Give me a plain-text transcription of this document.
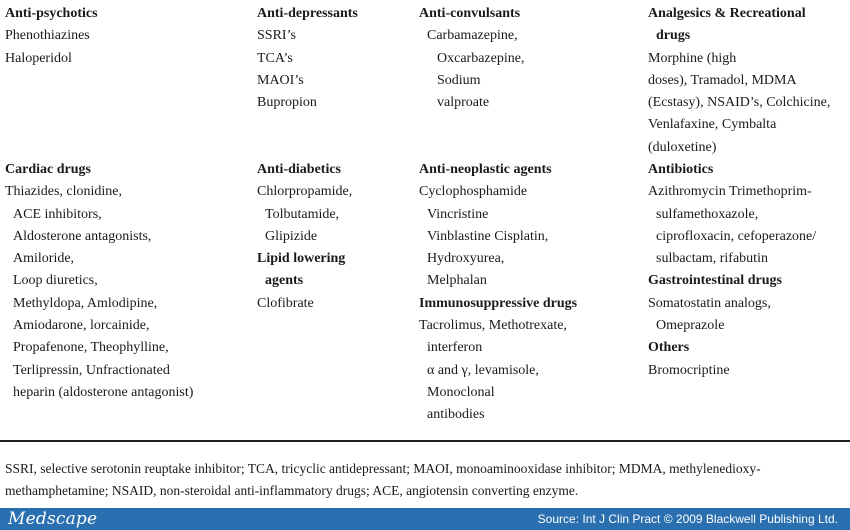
Anti-psychotics
Phenothiazines
Haloperidol
Anti-depressants
SSRI’s
TCA’s
MAOI’s
Bupropion
Anti-convulsants
Carbamazepine,
Oxcarbazepine,
Sodium
valproate
Analgesics & Recreational
drugs
Morphine (high
doses), Tramadol, MDMA
(Ecstasy), NSAID’s, Colchicine,
Venlafaxine, Cymbalta
(duloxetine)
Cardiac drugs
Thiazides, clonidine,
ACE inhibitors,
Aldosterone antagonists,
Amiloride,
Loop diuretics,
Methyldopa, Amlodipine,
Amiodarone, lorcainide,
Propafenone, Theophylline,
Terlipressin, Unfractionated
heparin (aldosterone antagonist)
Anti-diabetics
Chlorpropamide,
Tolbutamide,
Glipizide
Lipid lowering
agents
Clofibrate
Anti-neoplastic agents
Cyclophosphamide
Vincristine
Vinblastine Cisplatin,
Hydroxyurea,
Melphalan
Immunosuppressive drugs
Tacrolimus, Methotrexate,
interferon
α and γ, levamisole,
Monoclonal
antibodies
Antibiotics
Azithromycin Trimethoprim-
sulfamethoxazole,
ciprofloxacin, cefoperazone/
sulbactam, rifabutin
Gastrointestinal drugs
Somatostatin analogs,
Omeprazole
Others
Bromocriptine
SSRI, selective serotonin reuptake inhibitor; TCA, tricyclic antidepressant; MAOI, monoaminooxidase inhibitor; MDMA, methylenedioxy-
methamphetamine; NSAID, non-steroidal anti-inflammatory drugs; ACE, angiotensin converting enzyme.
Medscape	Source: Int J Clin Pract © 2009 Blackwell Publishing Ltd.
